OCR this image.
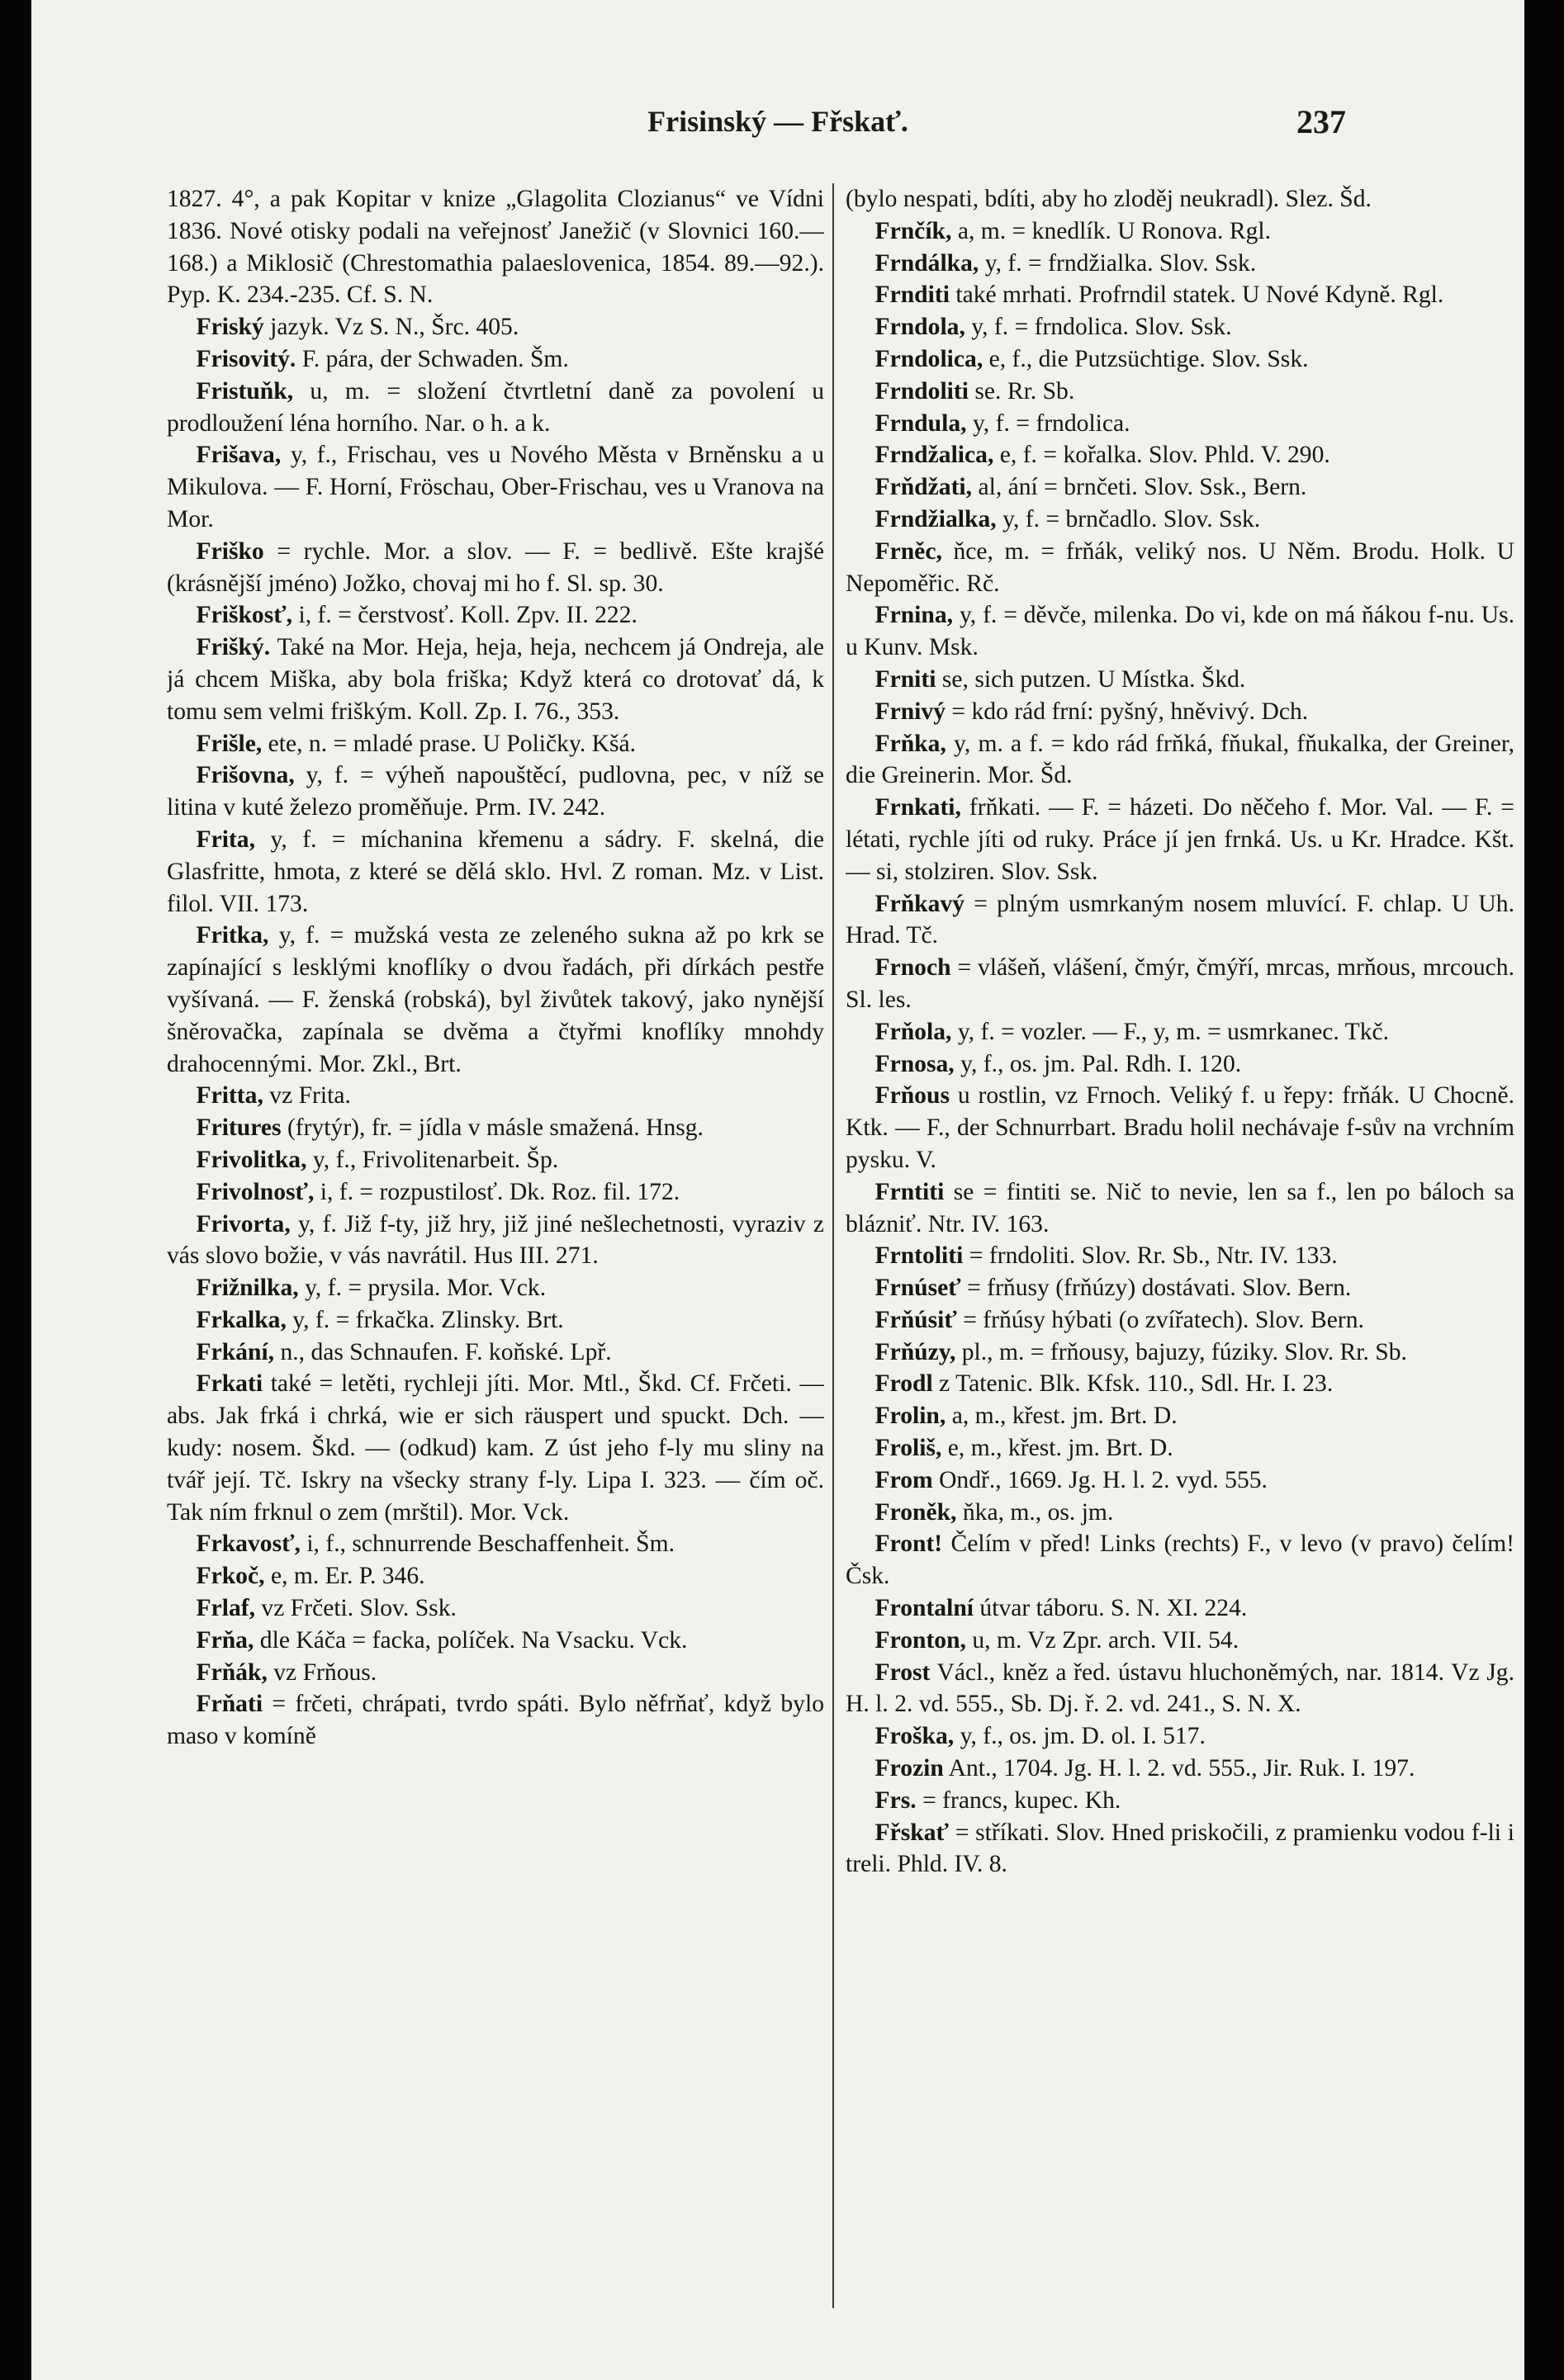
Frisinský — Fřskať.	237

1827. 4°, a pak Kopitar v knize „Glagolita Clozianus“ ve Vídni 1836. Nové otisky podali na veřejnosť Janežič (v Slovnici 160.—168.) a Miklosič (Chrestomathia palaeslovenica, 1854. 89.—92.). Pyp. K. 234.-235. Cf. S. N.

Friský jazyk. Vz S. N., Šrc. 405.

Frisovitý. F. pára, der Schwaden. Šm.

Fristuňk, u, m. = složení čtvrtletní daně za povolení u prodloužení léna horního. Nar. o h. a k.

Frišava, y, f., Frischau, ves u Nového Města v Brněnsku a u Mikulova. — F. Horní, Fröschau, Ober-Frischau, ves u Vranova na Mor.

Friško = rychle. Mor. a slov. — F. = bedlivě. Ešte krajšé (krásnější jméno) Jožko, chovaj mi ho f. Sl. sp. 30.

Friškosť, i, f. = čerstvosť. Koll. Zpv. II. 222.

Frišký. Také na Mor. Heja, heja, heja, nechcem já Ondreja, ale já chcem Miška, aby bola friška; Když která co drotovať dá, k tomu sem velmi friškým. Koll. Zp. I. 76., 353.

Frišle, ete, n. = mladé prase. U Poličky. Kšá.

Frišovna, y, f. = výheň napouštěcí, pudlovna, pec, v níž se litina v kuté železo proměňuje. Prm. IV. 242.

Frita, y, f. = míchanina křemenu a sádry. F. skelná, die Glasfritte, hmota, z které se dělá sklo. Hvl. Z roman. Mz. v List. filol. VII. 173.

Fritka, y, f. = mužská vesta ze zeleného sukna až po krk se zapínající s lesklými knoflíky o dvou řadách, při dírkách pestře vyšívaná. — F. ženská (robská), byl živůtek takový, jako nynější šněrovačka, zapínala se dvěma a čtyřmi knoflíky mnohdy drahocennými. Mor. Zkl., Brt.

Fritta, vz Frita.

Fritures (frytýr), fr. = jídla v másle smažená. Hnsg.

Frivolitka, y, f., Frivolitenarbeit. Šp.

Frivolnosť, i, f. = rozpustilosť. Dk. Roz. fil. 172.

Frivorta, y, f. Již f-ty, již hry, již jiné nešlechetnosti, vyraziv z vás slovo božie, v vás navrátil. Hus III. 271.

Frižnilka, y, f. = prysila. Mor. Vck.

Frkalka, y, f. = frkačka. Zlinsky. Brt.

Frkání, n., das Schnaufen. F. koňské. Lpř.

Frkati také = letěti, rychleji jíti. Mor. Mtl., Škd. Cf. Frčeti. — abs. Jak frká i chrká, wie er sich räuspert und spuckt. Dch. — kudy: nosem. Škd. — (odkud) kam. Z úst jeho f-ly mu sliny na tvář její. Tč. Iskry na všecky strany f-ly. Lipa I. 323. — čím oč. Tak ním frknul o zem (mrštil). Mor. Vck.

Frkavosť, i, f., schnurrende Beschaffenheit. Šm.

Frkoč, e, m. Er. P. 346.

Frlaf, vz Frčeti. Slov. Ssk.

Frňa, dle Káča = facka, políček. Na Vsacku. Vck.

Frňák, vz Frňous.

Frňati = frčeti, chrápati, tvrdo spáti. Bylo něfrňať, když bylo maso v komíně

(bylo nespati, bdíti, aby ho zloděj neukradl). Slez. Šd.

Frnčík, a, m. = knedlík. U Ronova. Rgl.

Frndálka, y, f. = frndžialka. Slov. Ssk.

Frnditi také mrhati. Profrndil statek. U Nové Kdyně. Rgl.

Frndola, y, f. = frndolica. Slov. Ssk.

Frndolica, e, f., die Putzsüchtige. Slov. Ssk.

Frndoliti se. Rr. Sb.

Frndula, y, f. = frndolica.

Frndžalica, e, f. = kořalka. Slov. Phld. V. 290.

Frňdžati, al, ání = brnčeti. Slov. Ssk., Bern.

Frndžialka, y, f. = brnčadlo. Slov. Ssk.

Frněc, ňce, m. = frňák, veliký nos. U Něm. Brodu. Holk. U Nepoměřic. Rč.

Frnina, y, f. = děvče, milenka. Do vi, kde on má ňákou f-nu. Us. u Kunv. Msk.

Frniti se, sich putzen. U Místka. Škd.

Frnivý = kdo rád frní: pyšný, hněvivý. Dch.

Frňka, y, m. a f. = kdo rád frňká, fňukal, fňukalka, der Greiner, die Greinerin. Mor. Šd.

Frnkati, frňkati. — F. = házeti. Do něčeho f. Mor. Val. — F. = létati, rychle jíti od ruky. Práce jí jen frnká. Us. u Kr. Hradce. Kšt. — si, stolziren. Slov. Ssk.

Frňkavý = plným usmrkaným nosem mluvící. F. chlap. U Uh. Hrad. Tč.

Frnoch = vlášeň, vlášení, čmýr, čmýří, mrcas, mrňous, mrcouch. Sl. les.

Frňola, y, f. = vozler. — F., y, m. = usmrkanec. Tkč.

Frnosa, y, f., os. jm. Pal. Rdh. I. 120.

Frňous u rostlin, vz Frnoch. Veliký f. u řepy: frňák. U Chocně. Ktk. — F., der Schnurrbart. Bradu holil nechávaje f-sův na vrchním pysku. V.

Frntiti se = fintiti se. Nič to nevie, len sa f., len po báloch sa blázniť. Ntr. IV. 163.

Frntoliti = frndoliti. Slov. Rr. Sb., Ntr. IV. 133.

Frnúseť = frňusy (frňúzy) dostávati. Slov. Bern.

Frňúsiť = frňúsy hýbati (o zvířatech). Slov. Bern.

Frňúzy, pl., m. = frňousy, bajuzy, fúziky. Slov. Rr. Sb.

Frodl z Tatenic. Blk. Kfsk. 110., Sdl. Hr. I. 23.

Frolin, a, m., křest. jm. Brt. D.

Froliš, e, m., křest. jm. Brt. D.

From Ondř., 1669. Jg. H. l. 2. vyd. 555.

Froněk, ňka, m., os. jm.

Front! Čelím v před! Links (rechts) F., v levo (v pravo) čelím! Čsk.

Frontalní útvar táboru. S. N. XI. 224.

Fronton, u, m. Vz Zpr. arch. VII. 54.

Frost Václ., kněz a řed. ústavu hluchoněmých, nar. 1814. Vz Jg. H. l. 2. vd. 555., Sb. Dj. ř. 2. vd. 241., S. N. X.

Froška, y, f., os. jm. D. ol. I. 517.

Frozin Ant., 1704. Jg. H. l. 2. vd. 555., Jir. Ruk. I. 197.

Frs. = francs, kupec. Kh.

Fřskať = stříkati. Slov. Hned priskočili, z pramienku vodou f-li i treli. Phld. IV. 8.
